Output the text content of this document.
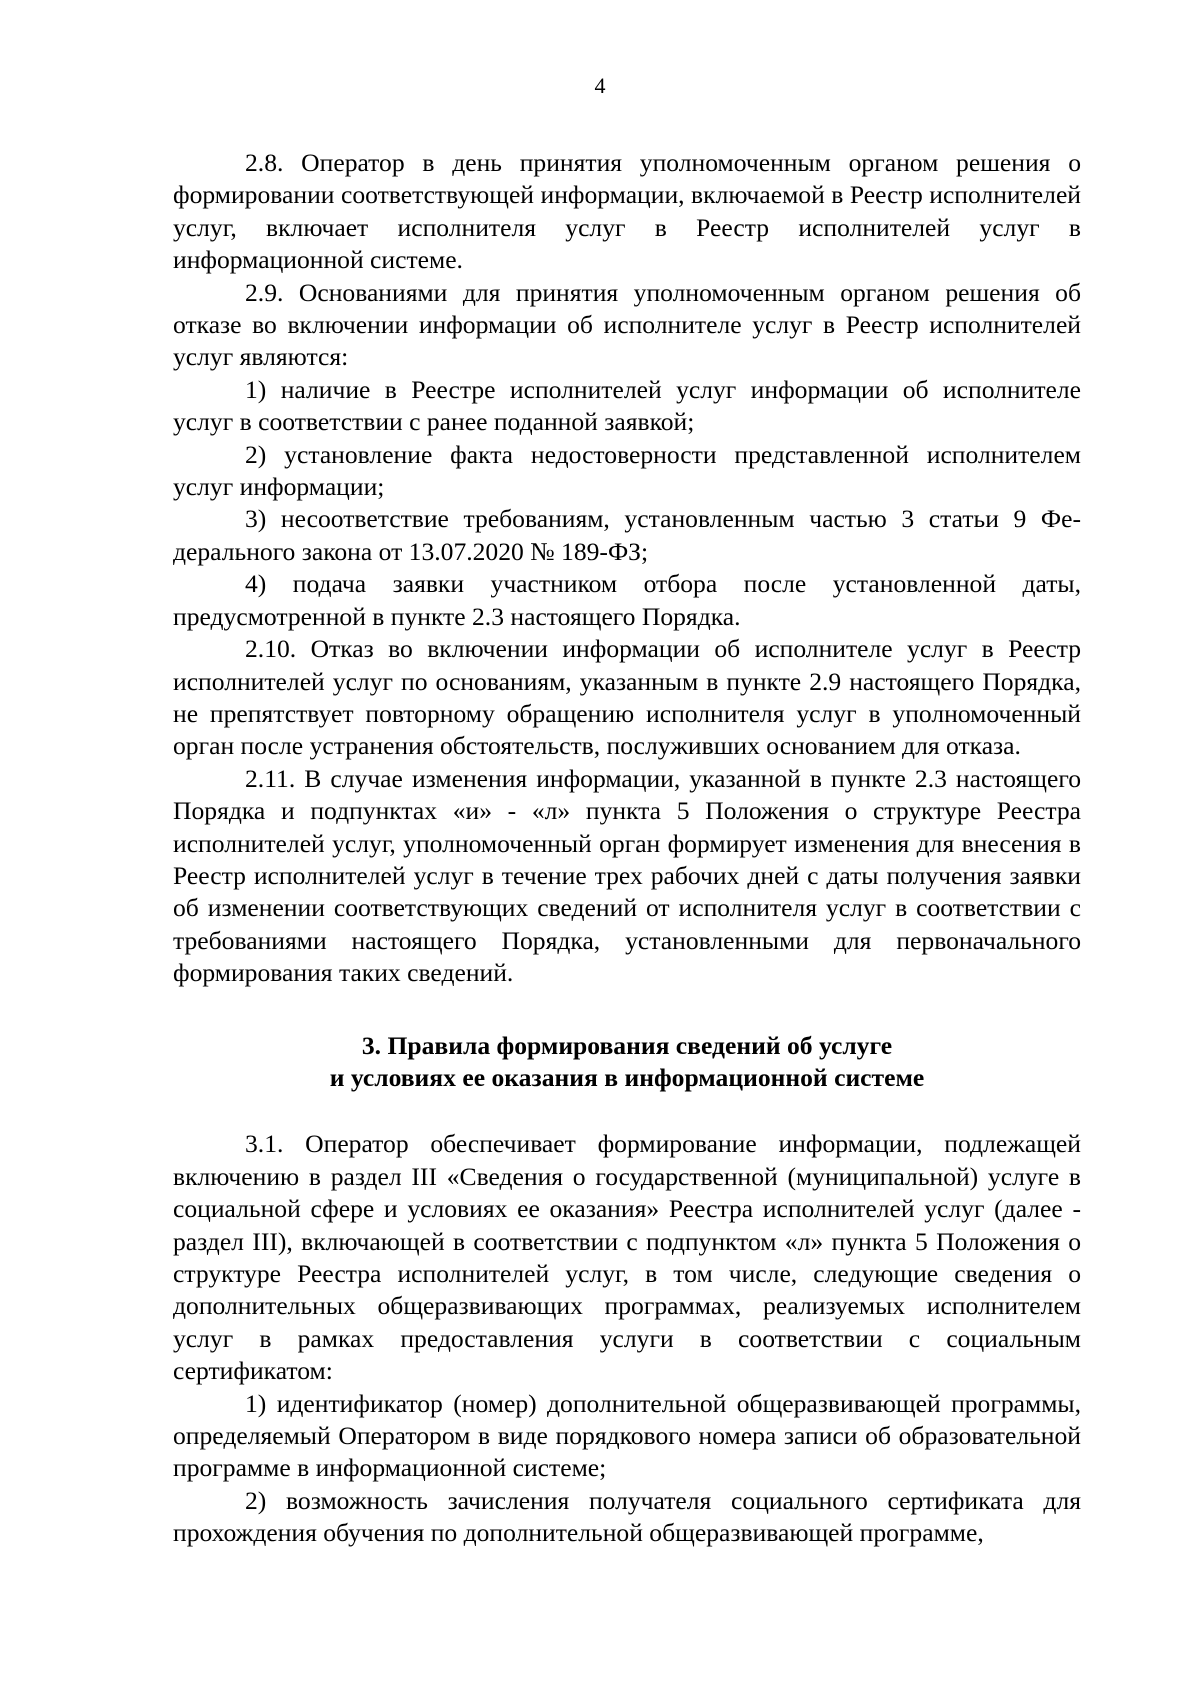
4

2.8. Оператор в день принятия уполномоченным органом решения о формировании соответствующей информации, включаемой в Реестр исполнителей услуг, включает исполнителя услуг в Реестр исполнителей услуг в информационной системе.

2.9. Основаниями для принятия уполномоченным органом решения об отказе во включении информации об исполнителе услуг в Реестр исполнителей услуг являются:

1) наличие в Реестре исполнителей услуг информации об исполнителе услуг в соответствии с ранее поданной заявкой;

2) установление факта недостоверности представленной исполнителем услуг информации;

3) несоответствие требованиям, установленным частью 3 статьи 9 Федерального закона от 13.07.2020 № 189-ФЗ;

4) подача заявки участником отбора после установленной даты, предусмотренной в пункте 2.3 настоящего Порядка.

2.10. Отказ во включении информации об исполнителе услуг в Реестр исполнителей услуг по основаниям, указанным в пункте 2.9 настоящего Порядка, не препятствует повторному обращению исполнителя услуг в уполномоченный орган после устранения обстоятельств, послуживших основанием для отказа.

2.11. В случае изменения информации, указанной в пункте 2.3 настоящего Порядка и подпунктах «и» - «л» пункта 5 Положения о структуре Реестра исполнителей услуг, уполномоченный орган формирует изменения для внесения в Реестр исполнителей услуг в течение трех рабочих дней с даты получения заявки об изменении соответствующих сведений от исполнителя услуг в соответствии с требованиями настоящего Порядка, установленными для первоначального формирования таких сведений.

3. Правила формирования сведений об услуге
и условиях ее оказания в информационной системе

3.1. Оператор обеспечивает формирование информации, подлежащей включению в раздел III «Сведения о государственной (муниципальной) услуге в социальной сфере и условиях ее оказания» Реестра исполнителей услуг (далее - раздел III), включающей в соответствии с подпунктом «л» пункта 5 Положения о структуре Реестра исполнителей услуг, в том числе, следующие сведения о дополнительных общеразвивающих программах, реализуемых исполнителем услуг в рамках предоставления услуги в соответствии с социальным сертификатом:

1) идентификатор (номер) дополнительной общеразвивающей программы, определяемый Оператором в виде порядкового номера записи об образовательной программе в информационной системе;

2) возможность зачисления получателя социального сертификата для прохождения обучения по дополнительной общеразвивающей программе,
